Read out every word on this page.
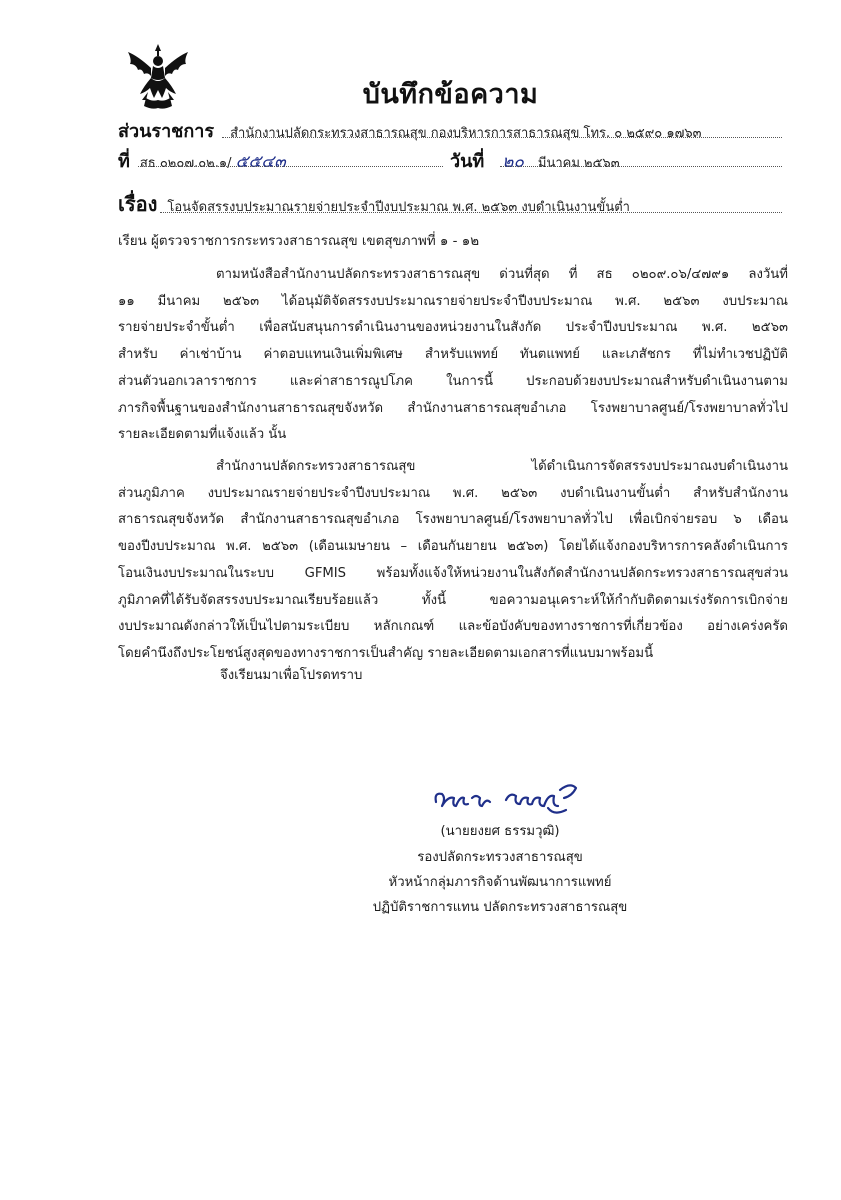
บันทึกข้อความ
ส่วนราชการ สำนักงานปลัดกระทรวงสาธารณสุข กองบริหารการสาธารณสุข โทร. ๐ ๒๕๙๐ ๑๗๖๓
ที่ สธ ๐๒๐๗.๐๒.๑/ ๕๕๔๓	วันที่ ๒๐ มีนาคม ๒๕๖๓
เรื่อง โอนจัดสรรงบประมาณรายจ่ายประจำปีงบประมาณ พ.ศ. ๒๕๖๓ งบดำเนินงานขั้นต่ำ
เรียน ผู้ตรวจราชการกระทรวงสาธารณสุข เขตสุขภาพที่ ๑ - ๑๒
ตามหนังสือสำนักงานปลัดกระทรวงสาธารณสุข ด่วนที่สุด ที่ สธ ๐๒๐๙.๐๖/๔๗๙๑ ลงวันที่
๑๑ มีนาคม ๒๕๖๓ ได้อนุมัติจัดสรรงบประมาณรายจ่ายประจำปีงบประมาณ พ.ศ. ๒๕๖๓ งบประมาณ
รายจ่ายประจำขั้นต่ำ เพื่อสนับสนุนการดำเนินงานของหน่วยงานในสังกัด ประจำปีงบประมาณ พ.ศ. ๒๕๖๓
สำหรับ ค่าเช่าบ้าน ค่าตอบแทนเงินเพิ่มพิเศษ สำหรับแพทย์ ทันตแพทย์ และเภสัชกร ที่ไม่ทำเวชปฏิบัติ
ส่วนตัวนอกเวลาราชการ และค่าสาธารณูปโภค ในการนี้ ประกอบด้วยงบประมาณสำหรับดำเนินงานตาม
ภารกิจพื้นฐานของสำนักงานสาธารณสุขจังหวัด สำนักงานสาธารณสุขอำเภอ โรงพยาบาลศูนย์/โรงพยาบาลทั่วไป
รายละเอียดตามที่แจ้งแล้ว นั้น
สำนักงานปลัดกระทรวงสาธารณสุข ได้ดำเนินการจัดสรรงบประมาณงบดำเนินงาน
ส่วนภูมิภาค งบประมาณรายจ่ายประจำปีงบประมาณ พ.ศ. ๒๕๖๓ งบดำเนินงานขั้นต่ำ สำหรับสำนักงาน
สาธารณสุขจังหวัด สำนักงานสาธารณสุขอำเภอ โรงพยาบาลศูนย์/โรงพยาบาลทั่วไป เพื่อเบิกจ่ายรอบ ๖ เดือน
ของปีงบประมาณ พ.ศ. ๒๕๖๓ (เดือนเมษายน – เดือนกันยายน ๒๕๖๓) โดยได้แจ้งกองบริหารการคลังดำเนินการ
โอนเงินงบประมาณในระบบ GFMIS พร้อมทั้งแจ้งให้หน่วยงานในสังกัดสำนักงานปลัดกระทรวงสาธารณสุขส่วน
ภูมิภาคที่ได้รับจัดสรรงบประมาณเรียบร้อยแล้ว ทั้งนี้ ขอความอนุเคราะห์ให้กำกับติดตามเร่งรัดการเบิกจ่าย
งบประมาณดังกล่าวให้เป็นไปตามระเบียบ หลักเกณฑ์ และข้อบังคับของทางราชการที่เกี่ยวข้อง อย่างเคร่งครัด
โดยคำนึงถึงประโยชน์สูงสุดของทางราชการเป็นสำคัญ รายละเอียดตามเอกสารที่แนบมาพร้อมนี้
จึงเรียนมาเพื่อโปรดทราบ
(นายยงยศ ธรรมวุฒิ)
รองปลัดกระทรวงสาธารณสุข
หัวหน้ากลุ่มภารกิจด้านพัฒนาการแพทย์
ปฏิบัติราชการแทน ปลัดกระทรวงสาธารณสุข
